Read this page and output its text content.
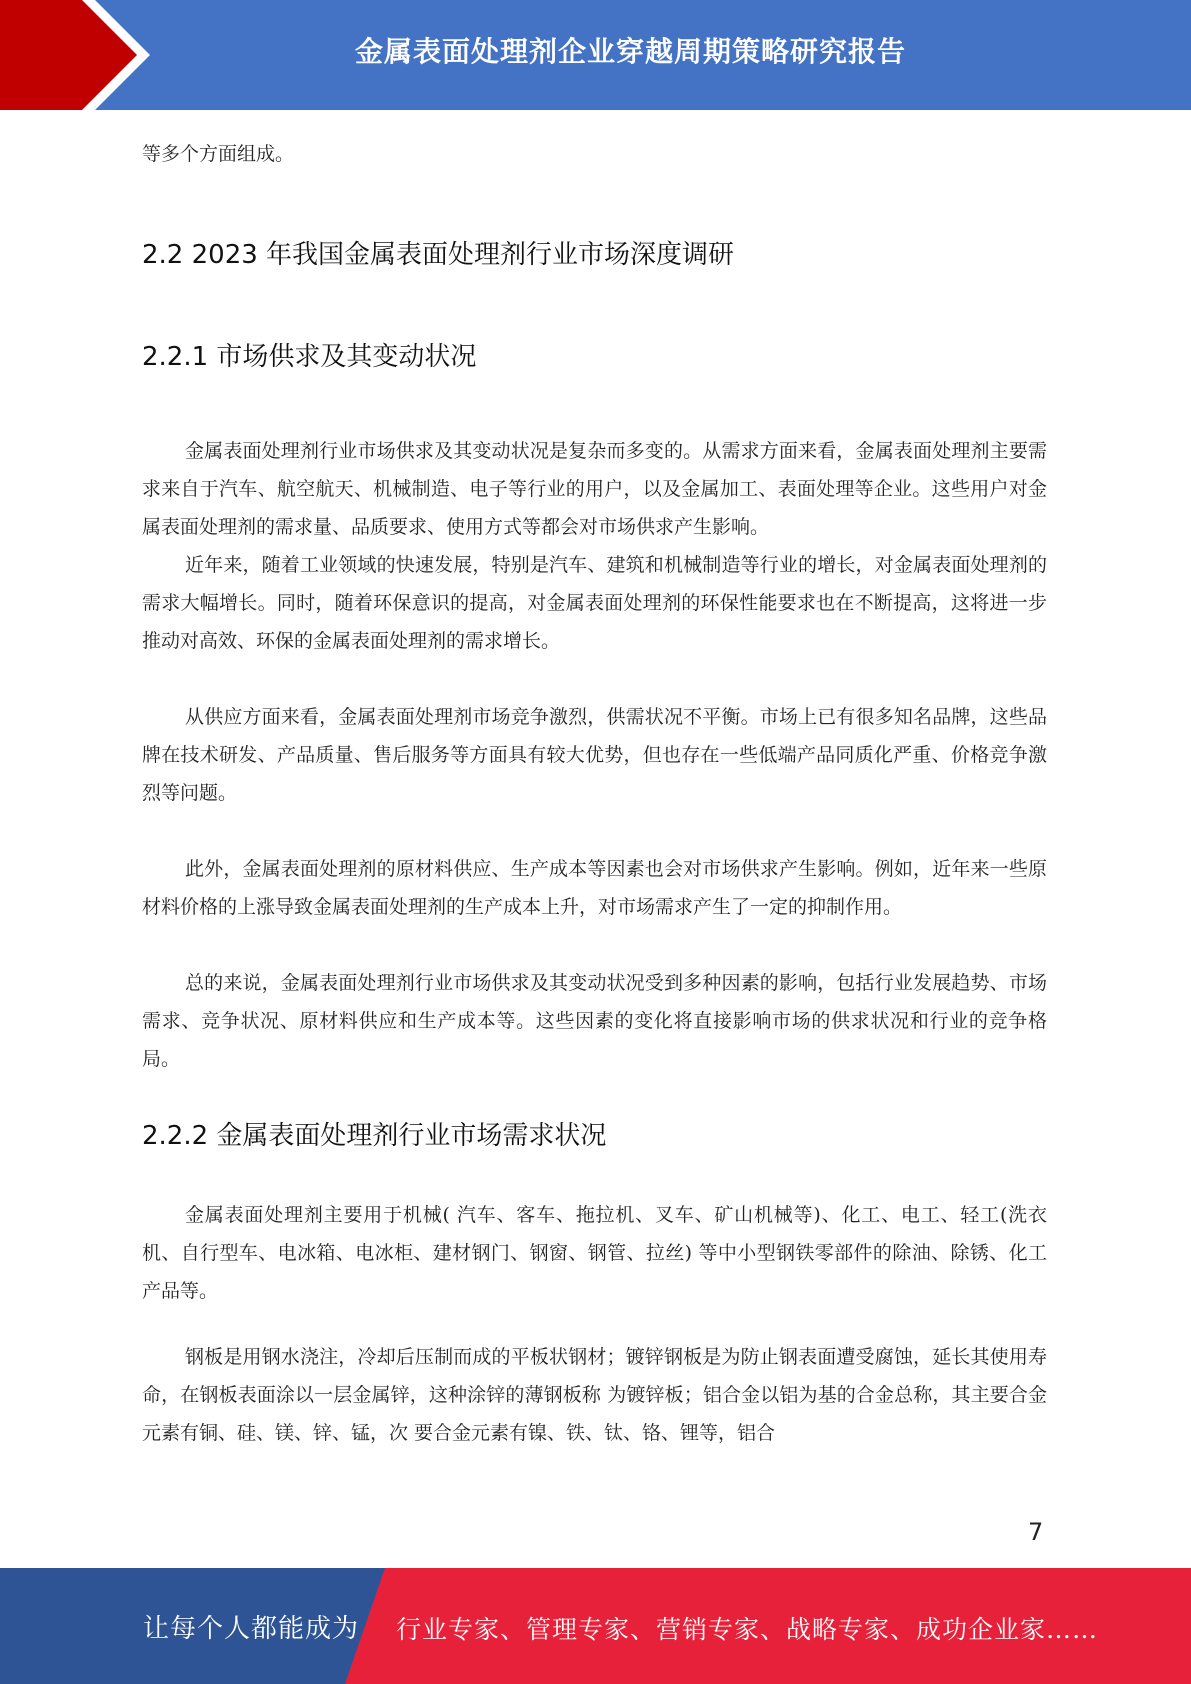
金属表面处理剂企业穿越周期策略研究报告

等多个方面组成。

2.2 2023 年我国金属表面处理剂行业市场深度调研
2.2.1 市场供求及其变动状况

金属表面处理剂行业市场供求及其变动状况是复杂而多变的。从需求方面来看，金属表面处理剂主要需求来自于汽车、航空航天、机械制造、电子等行业的用户，以及金属加工、表面处理等企业。这些用户对金属表面处理剂的需求量、品质要求、使用方式等都会对市场供求产生影响。

近年来，随着工业领域的快速发展，特别是汽车、建筑和机械制造等行业的增长，对金属表面处理剂的需求大幅增长。同时，随着环保意识的提高，对金属表面处理剂的环保性能要求也在不断提高，这将进一步推动对高效、环保的金属表面处理剂的需求增长。

从供应方面来看，金属表面处理剂市场竞争激烈，供需状况不平衡。市场上已有很多知名品牌，这些品牌在技术研发、产品质量、售后服务等方面具有较大优势，但也存在一些低端产品同质化严重、价格竞争激烈等问题。

此外，金属表面处理剂的原材料供应、生产成本等因素也会对市场供求产生影响。例如，近年来一些原材料价格的上涨导致金属表面处理剂的生产成本上升，对市场需求产生了一定的抑制作用。

总的来说，金属表面处理剂行业市场供求及其变动状况受到多种因素的影响，包括行业发展趋势、市场需求、竞争状况、原材料供应和生产成本等。这些因素的变化将直接影响市场的供求状况和行业的竞争格局。

2.2.2 金属表面处理剂行业市场需求状况

金属表面处理剂主要用于机械( 汽车、客车、拖拉机、叉车、矿山机械等)、化工、电工、轻工(洗衣机、自行型车、电冰箱、电冰柜、建材钢门、钢窗、钢管、拉丝) 等中小型钢铁零部件的除油、除锈、化工产品等。

钢板是用钢水浇注，冷却后压制而成的平板状钢材；镀锌钢板是为防止钢表面遭受腐蚀，延长其使用寿命，在钢板表面涂以一层金属锌，这种涂锌的薄钢板称 为镀锌板；铝合金以铝为基的合金总称，其主要合金元素有铜、硅、镁、锌、锰，次 要合金元素有镍、铁、钛、铬、锂等，铝合

7
让每个人都能成为 行业专家、管理专家、营销专家、战略专家、成功企业家……
